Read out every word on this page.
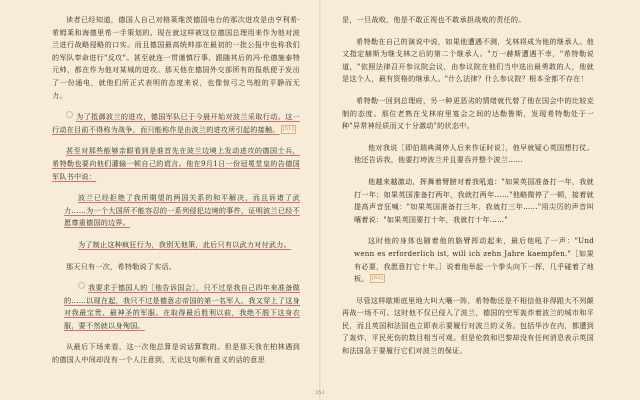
读者已经知道，德国人自己对格莱维茨德国电台的那次进攻是由亨利希·希姆莱和海德里希一手策划的。现在就这样被这位德国总理用来作为他对波兰进行战略侵略的口实。而且德国最高统帅部在最初的一批公报中也称我们的军队奉命进行"反攻"。甚至就连一贯谨慎行事、跟随其后的冯·伦德施泰特元帅，都在作为他对某城的进攻。那天他在德国外交部所有的报纸便于发出了一份通电，就他们所正式表明的态度来说，也像惊弓之鸟般的平静而无力。

为了抵御波兰的进攻，德国军队已于今晨开始对波兰采取行动。这一行动在目前不得称为战争，而只能称作是由波兰的进攻所引起的接触。 [51]

甚至对那些能够亲眼看到是谁首先在波兰边境上发动进攻的德国士兵，希特勒也要向他们灌输一顿自己的谎言。他在9月1日一份冠冕堂皇的告德国军队书中说：

波兰已经拒绝了我所期望的两国关系的和平解决，而且诉诸了武力……为一个大国所不能容忍的一系列侵犯边境的事件，证明波兰已经不愿尊重德国的边界。

为了制止这种疯狂行为，我别无他策，此后只有以武力对付武力。

那天只有一次，希特勒说了实话。

我要求于德国人的［他告诉国会］，只不过是我自己四年来准备做的……以现在起，我只不过是德意志帝国的第一名军人。我又穿上了这身对我最宝贵、最神圣的军服。在取得最后胜利以前，我绝不脱下这身衣服，要不然就以身殉国。

从最后下场来看，这一次他总算是说话算数的。但是那天我在柏林遇到的德国人中间却没有一个人注意到，无论这句颇有意义的话的意思

是，一旦战败，他是不敢正视也不敢承担战败的责任的。

希特勒在自己的演说中说，如果他遭遇不测，戈林将成为他的继承人。他又指定赫斯为继戈林之后的第二个继承人。"万一赫斯遭遇不幸，"希特勒说道，"依照法律召开参议院会议，由参议院在他们当中选出最勇敢的人，他就是这个人，最有资格的继承人。"什么法律？什么参议院？根本全都不存在！

希特勒一回到总理府，另一种更恶劣的情绪就代替了他在国会中的比较克制的态度。那位老熟在戈林府里宴会之间的达勒鲁斯，发现希特勒处于一种"异常神经质而又十分激动"的状态中。

他对我说［即伯瑞典调停人后来作证时说］，他早就疑心英国想打仗。他还告诉我，他要打垮波兰并且要吞并整个波兰……

他越来越激动，挥舞着臂膀对着我吼道："如果英国准备打一年，我就打一年；如果英国准备打两年，我就打两年……"他略微停了一顿，接着就提高声音狂喊："如果英国准备打三年，我就打三年……"用尖厉的声音叫嚷着说："如果英国要打十年，我就打十年……"

这时他的身体也随着他的胳臂挥动起来，最后他吼了一声："Und wenn es erforderlich ist, will ich zehn Jahre kaempfen."［如果有必要，我愿意打它十年。］说着他举起一个拳头向下一挥，几乎碰着了地板。 [62]

尽管这样歇斯底里地大叫大嚷一阵，希特勒还是不相信他非得跟大不列颠再战一场不可。这时他不仅已侵入了波兰，德国的空军轰炸着波兰的城市和平民，而且英国和法国也立即表示要履行对波兰的义务。包括华沙在内，都遭到了轰炸，平民死伤的数目相当可观。但是伦敦和巴黎却没有任何消息表示英国和法国急于要履行它们对波兰的保证。

351
